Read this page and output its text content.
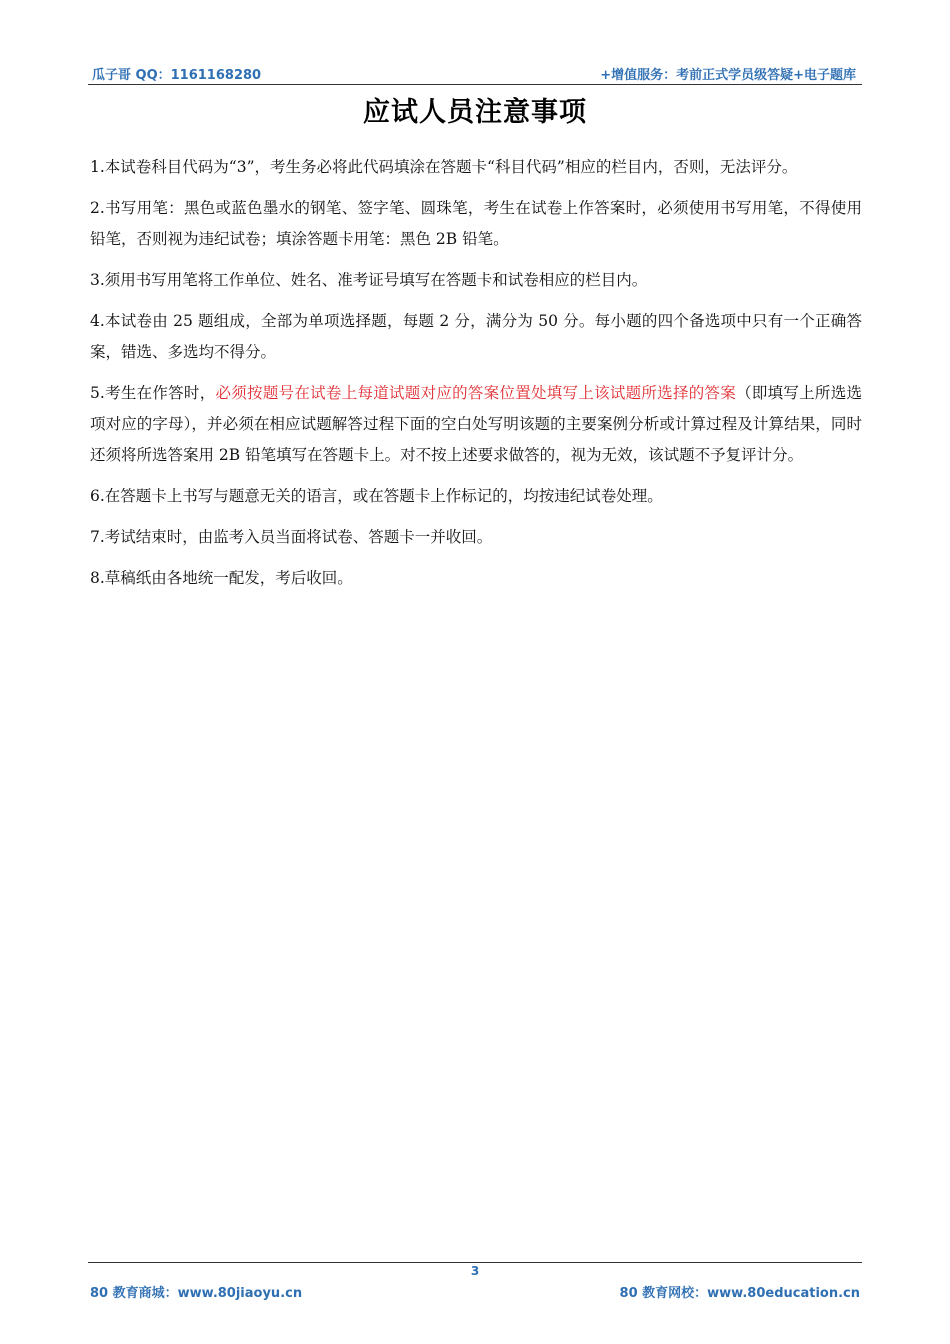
瓜子哥 QQ：1161168280	+增值服务：考前正式学员级答疑+电子题库
应试人员注意事项

1.本试卷科目代码为“3”，考生务必将此代码填涂在答题卡“科目代码”相应的栏目内，否则，无法评分。

2.书写用笔：黑色或蓝色墨水的钢笔、签字笔、圆珠笔，考生在试卷上作答案时，必须使用书写用笔，不得使用铅笔，否则视为违纪试卷；填涂答题卡用笔：黑色 2B 铅笔。

3.须用书写用笔将工作单位、姓名、准考证号填写在答题卡和试卷相应的栏目内。

4.本试卷由 25 题组成，全部为单项选择题，每题 2 分，满分为 50 分。每小题的四个备选项中只有一个正确答案，错选、多选均不得分。

5.考生在作答时，必须按题号在试卷上每道试题对应的答案位置处填写上该试题所选择的答案（即填写上所选选项对应的字母），并必须在相应试题解答过程下面的空白处写明该题的主要案例分析或计算过程及计算结果，同时还须将所选答案用 2B 铅笔填写在答题卡上。对不按上述要求做答的，视为无效，该试题不予复评计分。

6.在答题卡上书写与题意无关的语言，或在答题卡上作标记的，均按违纪试卷处理。

7.考试结束时，由监考入员当面将试卷、答题卡一并收回。

8.草稿纸由各地统一配发，考后收回。

3
80 教育商城：www.80jiaoyu.cn	80 教育网校：www.80education.cn
